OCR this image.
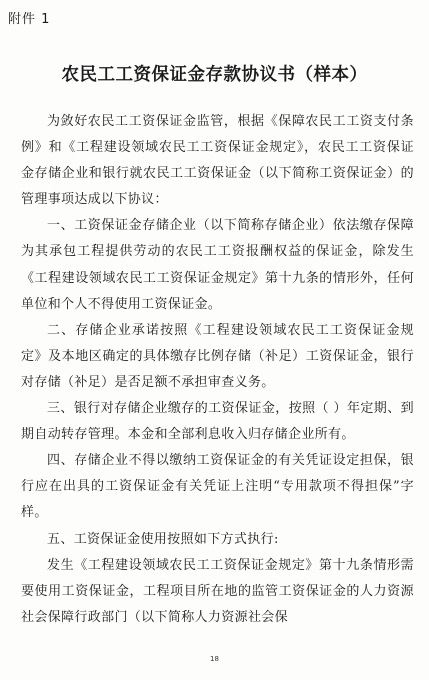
附件 1
农民工工资保证金存款协议书（样本）

为敛好农民工工资保证金监管，根据《保障农民工工资支付条例》和《工程建设领域农民工工资保证金规定》，农民工工资保证金存储企业和银行就农民工工资保证金（以下简称工资保证金）的管理事项达成以下协议：

一、工资保证金存储企业（以下简称存储企业）依法缴存保障为其承包工程提供劳动的农民工工资报酬权益的保证金，除发生《工程建设领域农民工工资保证金规定》第十九条的情形外，任何单位和个人不得使用工资保证金。

二、存储企业承诺按照《工程建设领域农民工工资保证金规定》及本地区确定的具体缴存比例存储（补足）工资保证金，银行对存储（补足）是否足额不承担审查义务。

三、银行对存储企业缴存的工资保证金，按照（ ）年定期、到期自动转存管理。本金和全部利息收入归存储企业所有。

四、存储企业不得以缴纳工资保证金的有关凭证设定担保，银行应在出具的工资保证金有关凭证上注明“专用款项不得担保”字样。

五、工资保证金使用按照如下方式执行:

发生《工程建设领域农民工工资保证金规定》第十九条情形需要使用工资保证金，工程项目所在地的监管工资保证金的人力资源社会保障行政部门（以下简称人力资源社会保

18
